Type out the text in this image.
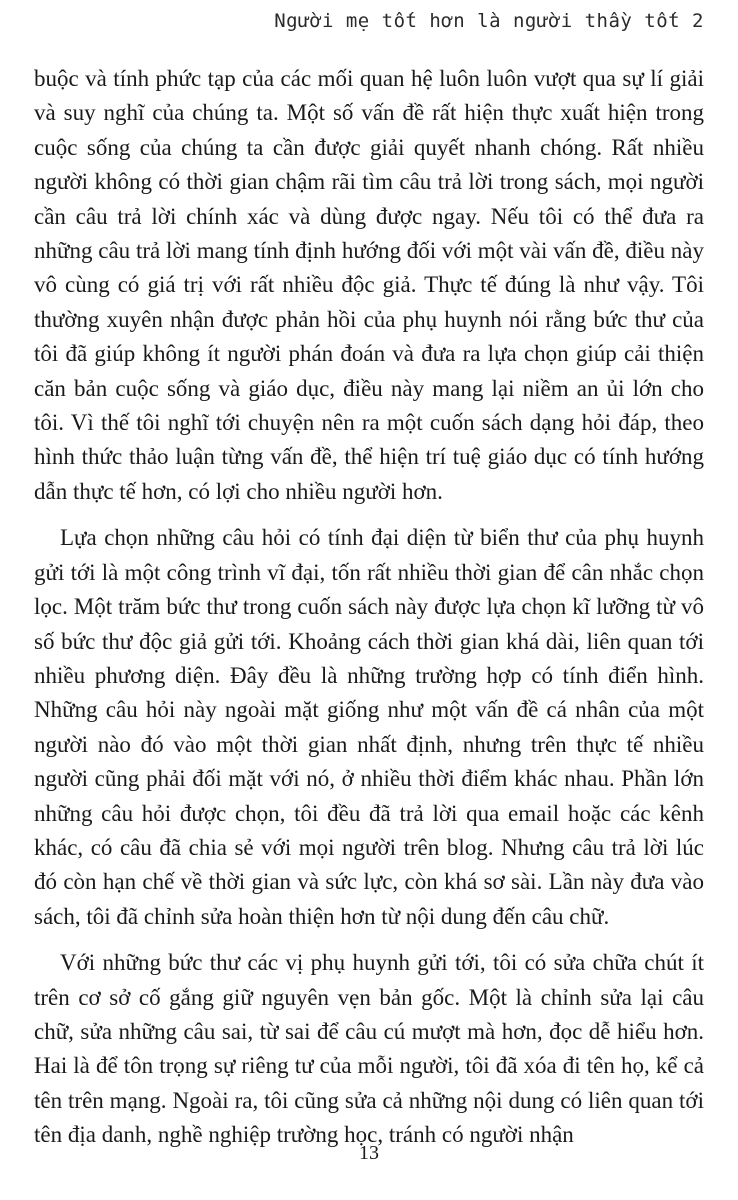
Người mẹ tốt hơn là người thầy tốt 2

buộc và tính phức tạp của các mối quan hệ luôn luôn vượt qua sự lí giải và suy nghĩ của chúng ta. Một số vấn đề rất hiện thực xuất hiện trong cuộc sống của chúng ta cần được giải quyết nhanh chóng. Rất nhiều người không có thời gian chậm rãi tìm câu trả lời trong sách, mọi người cần câu trả lời chính xác và dùng được ngay. Nếu tôi có thể đưa ra những câu trả lời mang tính định hướng đối với một vài vấn đề, điều này vô cùng có giá trị với rất nhiều độc giả. Thực tế đúng là như vậy. Tôi thường xuyên nhận được phản hồi của phụ huynh nói rằng bức thư của tôi đã giúp không ít người phán đoán và đưa ra lựa chọn giúp cải thiện căn bản cuộc sống và giáo dục, điều này mang lại niềm an ủi lớn cho tôi. Vì thế tôi nghĩ tới chuyện nên ra một cuốn sách dạng hỏi đáp, theo hình thức thảo luận từng vấn đề, thể hiện trí tuệ giáo dục có tính hướng dẫn thực tế hơn, có lợi cho nhiều người hơn.

Lựa chọn những câu hỏi có tính đại diện từ biển thư của phụ huynh gửi tới là một công trình vĩ đại, tốn rất nhiều thời gian để cân nhắc chọn lọc. Một trăm bức thư trong cuốn sách này được lựa chọn kĩ lưỡng từ vô số bức thư độc giả gửi tới. Khoảng cách thời gian khá dài, liên quan tới nhiều phương diện. Đây đều là những trường hợp có tính điển hình. Những câu hỏi này ngoài mặt giống như một vấn đề cá nhân của một người nào đó vào một thời gian nhất định, nhưng trên thực tế nhiều người cũng phải đối mặt với nó, ở nhiều thời điểm khác nhau. Phần lớn những câu hỏi được chọn, tôi đều đã trả lời qua email hoặc các kênh khác, có câu đã chia sẻ với mọi người trên blog. Nhưng câu trả lời lúc đó còn hạn chế về thời gian và sức lực, còn khá sơ sài. Lần này đưa vào sách, tôi đã chỉnh sửa hoàn thiện hơn từ nội dung đến câu chữ.

Với những bức thư các vị phụ huynh gửi tới, tôi có sửa chữa chút ít trên cơ sở cố gắng giữ nguyên vẹn bản gốc. Một là chỉnh sửa lại câu chữ, sửa những câu sai, từ sai để câu cú mượt mà hơn, đọc dễ hiểu hơn. Hai là để tôn trọng sự riêng tư của mỗi người, tôi đã xóa đi tên họ, kể cả tên trên mạng. Ngoài ra, tôi cũng sửa cả những nội dung có liên quan tới tên địa danh, nghề nghiệp trường học, tránh có người nhận

13
